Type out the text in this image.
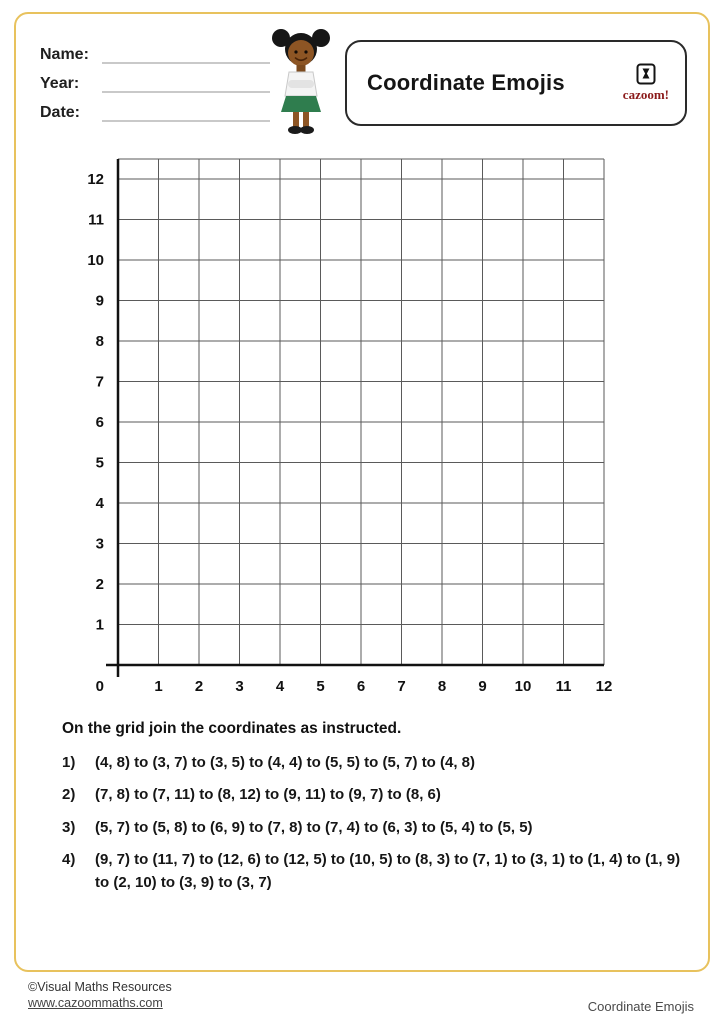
Name:
Year:
Date:
Coordinate Emojis	cazoom!
1
2
3
4
5
6
7
8
9
10
11
12
1 2 3 4 5 6 7 8 9 10 11 12
0

On the grid join the coordinates as instructed.

1)	(4, 8) to (3, 7) to (3, 5) to (4, 4) to (5, 5) to (5, 7) to (4, 8)
2)	(7, 8) to (7, 11) to (8, 12) to (9, 11) to (9, 7) to (8, 6)
3)	(5, 7) to (5, 8) to (6, 9) to (7, 8) to (7, 4) to (6, 3) to (5, 4) to (5, 5)
4)	(9, 7) to (11, 7) to (12, 6) to (12, 5) to (10, 5) to (8, 3) to (7, 1) to (3, 1) to (1, 4) to (1, 9) to (2, 10) to (3, 9) to (3, 7)
©Visual Maths Resources
www.cazoommaths.com	Coordinate Emojis
